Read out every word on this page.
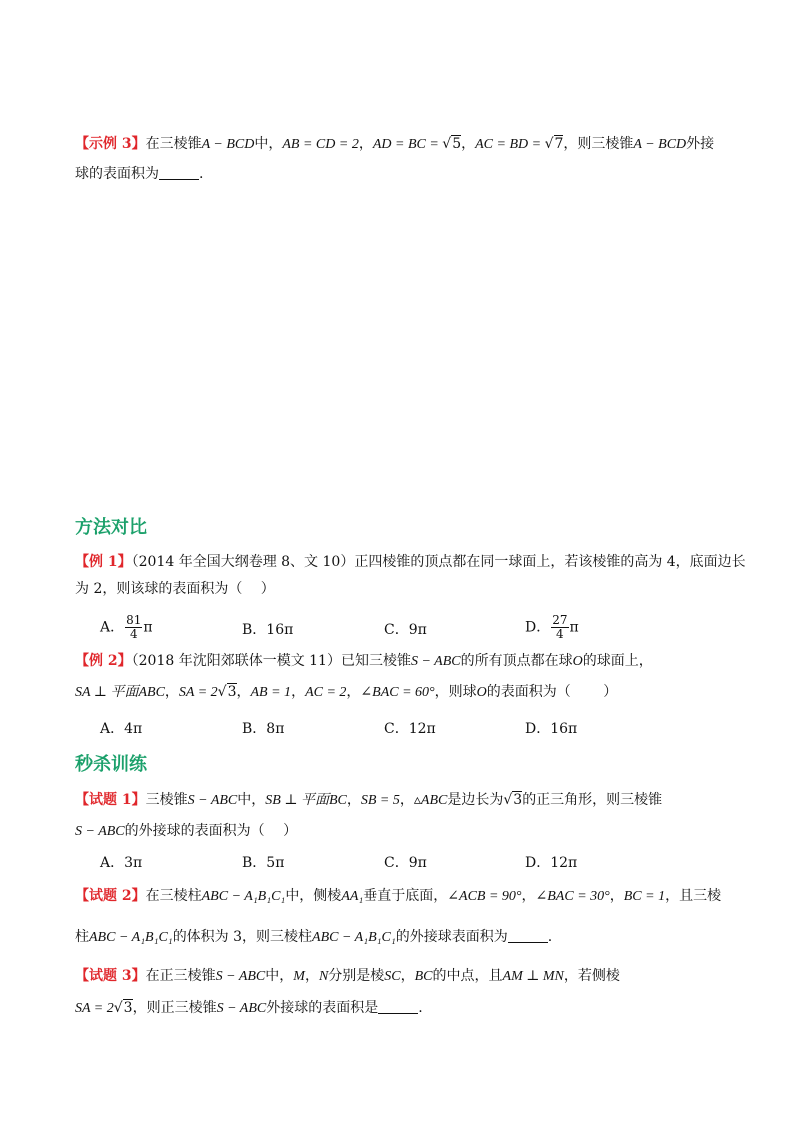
【示例 3】在三棱锥A − BCD中，AB = CD = 2，AD = BC = √5，AC = BD = √7，则三棱锥A − BCD外接
球的表面积为	.
方法对比
【例 1】（2014 年全国大纲卷理 8、文 10）正四棱锥的顶点都在同一球面上，若该棱锥的高为 4，底面边长
为 2，则该球的表面积为（　 ）
A． $\frac{81}{4}$ π	B．16π	C．9π	D． $\frac{27}{4}$ π
【例 2】（2018 年沈阳郊联体一模文 11）已知三棱锥S − ABC的所有顶点都在球O的球面上，
SA ⊥ 平面ABC，SA = 2√3，AB = 1，AC = 2，∠BAC = 60°，则球O的表面积为（　　 ）
A．4π	B．8π	C．12π	D．16π
秒杀训练
【试题 1】三棱锥S − ABC中，SB ⊥ 平面BC，SB = 5，▵ABC是边长为√3的正三角形，则三棱锥
S − ABC的外接球的表面积为（　 ）
A．3π	B．5π	C．9π	D．12π
【试题 2】在三棱柱ABC − A₁B₁C₁中，侧棱AA₁垂直于底面，∠ACB = 90°，∠BAC = 30°，BC = 1，且三棱
柱ABC − A₁B₁C₁的体积为 3，则三棱柱ABC − A₁B₁C₁的外接球表面积为	.
【试题 3】在正三棱锥S − ABC中，M，N分别是棱SC，BC的中点，且AM ⊥ MN，若侧棱
SA = 2√3，则正三棱锥S − ABC外接球的表面积是	.
